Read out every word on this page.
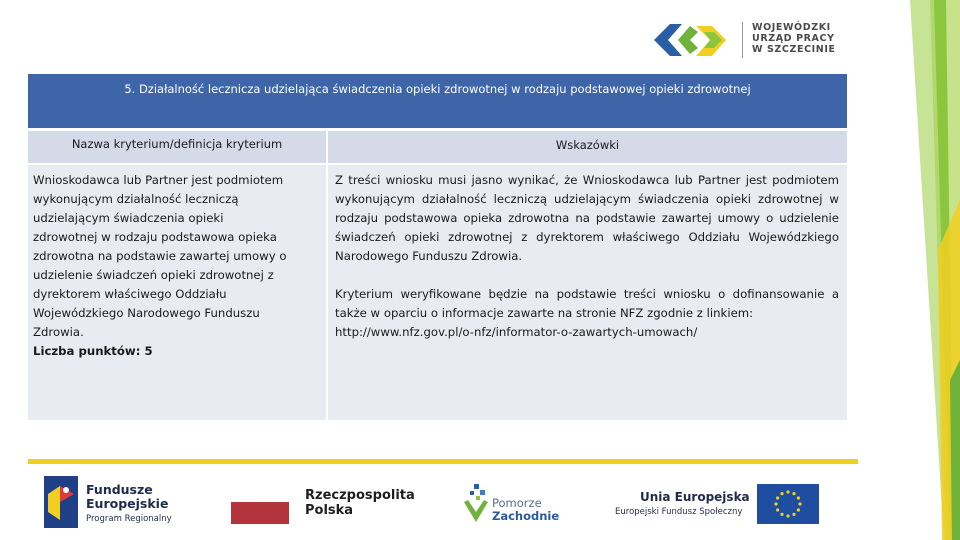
WOJEWÓDZKI
URZĄD PRACY
W SZCZECINIE
5. Działalność lecznicza udzielająca świadczenia opieki zdrowotnej w rodzaju podstawowej opieki zdrowotnej
Nazwa kryterium/definicja kryterium	Wskazówki

Wnioskodawca lub Partner jest podmiotem

wykonującym działalność leczniczą

udzielającym świadczenia opieki

zdrowotnej w rodzaju podstawowa opieka

zdrowotna na podstawie zawartej umowy o

udzielenie świadczeń opieki zdrowotnej z

dyrektorem właściwego Oddziału

Wojewódzkiego Narodowego Funduszu

Zdrowia.

Liczba punktów: 5

Z treści wniosku musi jasno wynikać, że Wnioskodawca lub Partner jest podmiotem wykonującym działalność leczniczą udzielającym świadczenia opieki zdrowotnej w rodzaju podstawowa opieka zdrowotna na podstawie zawartej umowy o udzielenie świadczeń opieki zdrowotnej z dyrektorem właściwego Oddziału Wojewódzkiego Narodowego Funduszu Zdrowia.

Kryterium weryfikowane będzie na podstawie treści wniosku o dofinansowanie a także w oparciu o informacje zawarte na stronie NFZ zgodnie z linkiem:

http://www.nfz.gov.pl/o-nfz/informator-o-zawartych-umowach/

Fundusze
Europejskie
Program Regionalny
Rzeczpospolita
Polska	Pomorze
Zachodnie
Unia Europejska
Europejski Fundusz Społeczny
